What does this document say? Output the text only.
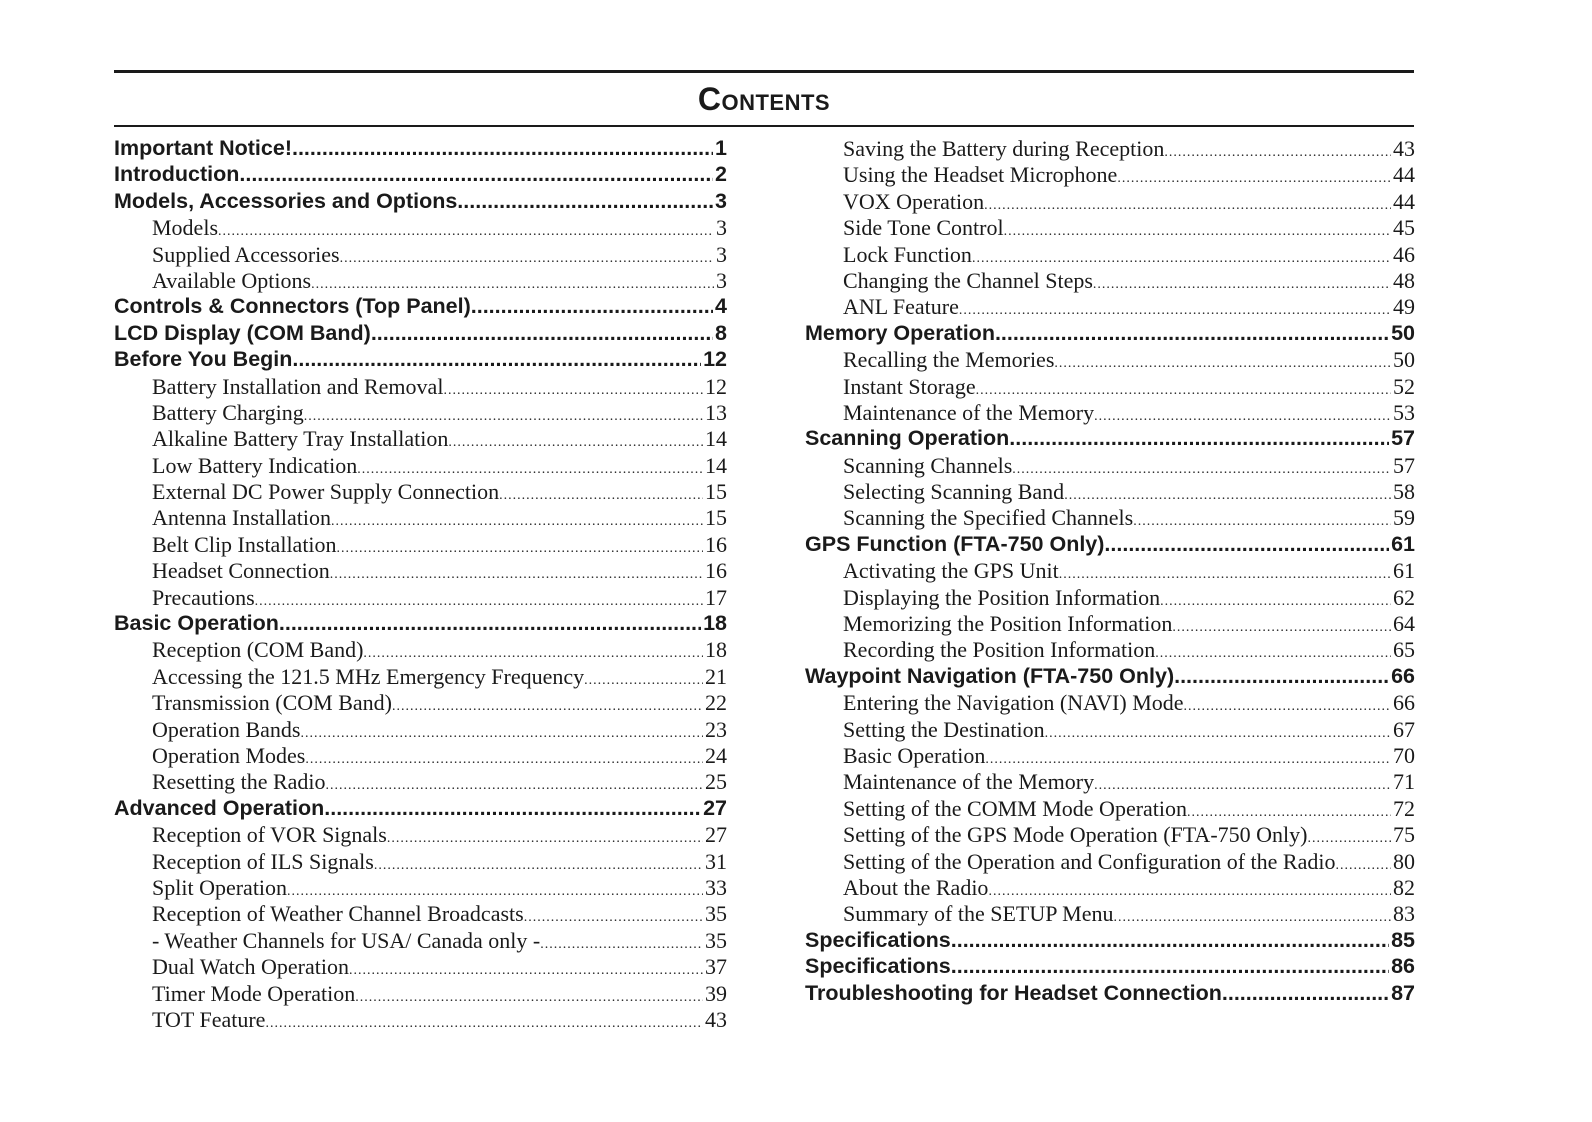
Contents
Important Notice! .....	1
Introduction .....	2
Models, Accessories and Options .....	3
Models .....	3
Supplied Accessories .....	3
Available Options .....	3
Controls & Connectors (Top Panel) .....	4
LCD Display (COM Band) .....	8
Before You Begin .....	12
Battery Installation and Removal .....	12
Battery Charging .....	13
Alkaline Battery Tray Installation .....	14
Low Battery Indication .....	14
External DC Power Supply Connection .....	15
Antenna Installation .....	15
Belt Clip Installation .....	16
Headset Connection .....	16
Precautions .....	17
Basic Operation .....	18
Reception (COM Band) .....	18
Accessing the 121.5 MHz Emergency Frequency .....	21
Transmission (COM Band) .....	22
Operation Bands .....	23
Operation Modes .....	24
Resetting the Radio .....	25
Advanced Operation .....	27
Reception of VOR Signals .....	27
Reception of ILS Signals .....	31
Split Operation .....	33
Reception of Weather Channel Broadcasts .....	35
- Weather Channels for USA/ Canada only - .....	35
Dual Watch Operation .....	37
Timer Mode Operation .....	39
TOT Feature .....	43
Saving the Battery during Reception .....	43
Using the Headset Microphone .....	44
VOX Operation .....	44
Side Tone Control .....	45
Lock Function .....	46
Changing the Channel Steps .....	48
ANL Feature .....	49
Memory Operation .....	50
Recalling the Memories .....	50
Instant Storage .....	52
Maintenance of the Memory .....	53
Scanning Operation .....	57
Scanning Channels .....	57
Selecting Scanning Band .....	58
Scanning the Specified Channels .....	59
GPS Function (FTA-750 Only) .....	61
Activating the GPS Unit .....	61
Displaying the Position Information .....	62
Memorizing the Position Information .....	64
Recording the Position Information .....	65
Waypoint Navigation (FTA-750 Only) .....	66
Entering the Navigation (NAVI) Mode .....	66
Setting the Destination .....	67
Basic Operation .....	70
Maintenance of the Memory .....	71
Setting of the COMM Mode Operation .....	72
Setting of the GPS Mode Operation (FTA-750 Only) .....	75
Setting of the Operation and Configuration of the Radio .....	80
About the Radio .....	82
Summary of the SETUP Menu .....	83
Specifications .....	85
Specifications .....	86
Troubleshooting for Headset Connection .....	87
